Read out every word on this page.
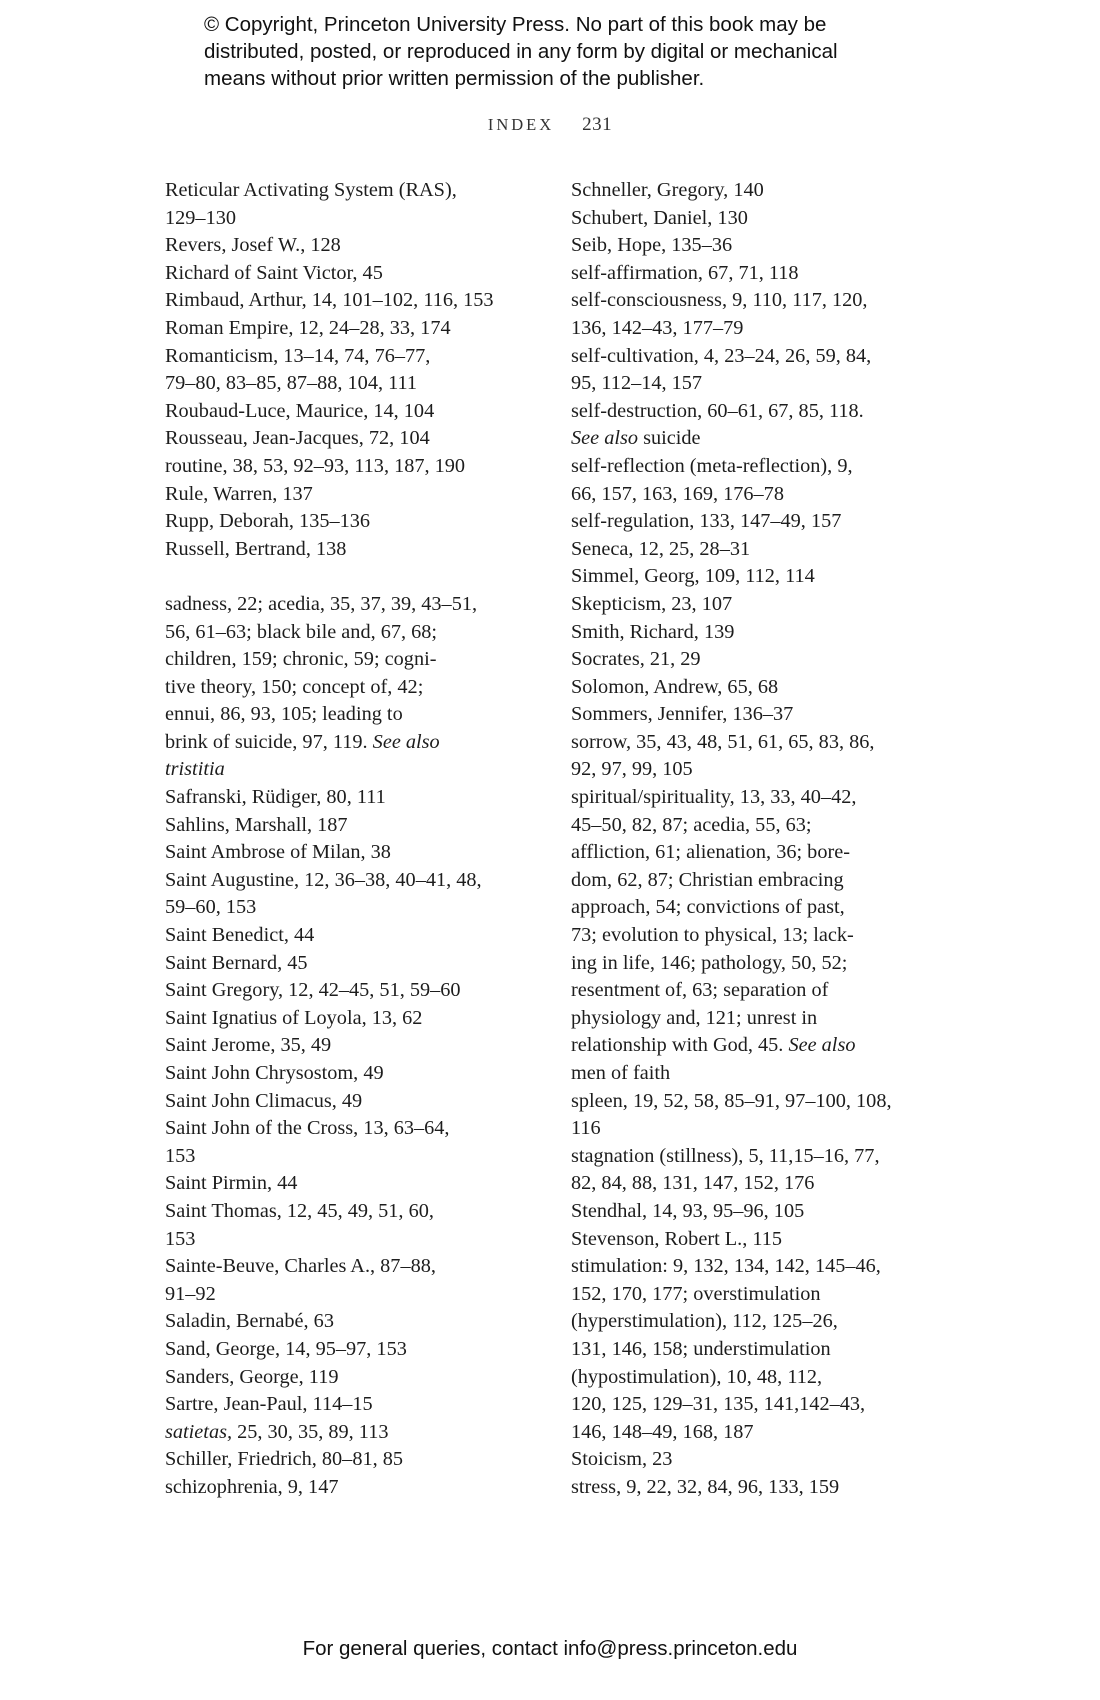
© Copyright, Princeton University Press. No part of this book may be
distributed, posted, or reproduced in any form by digital or mechanical
means without prior written permission of the publisher.
INDEX 231
Reticular Activating System (RAS),
129–130
Revers, Josef W., 128
Richard of Saint Victor, 45
Rimbaud, Arthur, 14, 101–102, 116, 153
Roman Empire, 12, 24–28, 33, 174
Romanticism, 13–14, 74, 76–77,
79–80, 83–85, 87–88, 104, 111
Roubaud-Luce, Maurice, 14, 104
Rousseau, Jean-Jacques, 72, 104
routine, 38, 53, 92–93, 113, 187, 190
Rule, Warren, 137
Rupp, Deborah, 135–136
Russell, Bertrand, 138
sadness, 22; acedia, 35, 37, 39, 43–51,
56, 61–63; black bile and, 67, 68;
children, 159; chronic, 59; cogni-
tive theory, 150; concept of, 42;
ennui, 86, 93, 105; leading to
brink of suicide, 97, 119. See also
tristitia
Safranski, Rüdiger, 80, 111
Sahlins, Marshall, 187
Saint Ambrose of Milan, 38
Saint Augustine, 12, 36–38, 40–41, 48,
59–60, 153
Saint Benedict, 44
Saint Bernard, 45
Saint Gregory, 12, 42–45, 51, 59–60
Saint Ignatius of Loyola, 13, 62
Saint Jerome, 35, 49
Saint John Chrysostom, 49
Saint John Climacus, 49
Saint John of the Cross, 13, 63–64,
153
Saint Pirmin, 44
Saint Thomas, 12, 45, 49, 51, 60,
153
Sainte-Beuve, Charles A., 87–88,
91–92
Saladin, Bernabé, 63
Sand, George, 14, 95–97, 153
Sanders, George, 119
Sartre, Jean-Paul, 114–15
satietas, 25, 30, 35, 89, 113
Schiller, Friedrich, 80–81, 85
schizophrenia, 9, 147
Schneller, Gregory, 140
Schubert, Daniel, 130
Seib, Hope, 135–36
self-affirmation, 67, 71, 118
self-consciousness, 9, 110, 117, 120,
136, 142–43, 177–79
self-cultivation, 4, 23–24, 26, 59, 84,
95, 112–14, 157
self-destruction, 60–61, 67, 85, 118.
See also suicide
self-reflection (meta-reflection), 9,
66, 157, 163, 169, 176–78
self-regulation, 133, 147–49, 157
Seneca, 12, 25, 28–31
Simmel, Georg, 109, 112, 114
Skepticism, 23, 107
Smith, Richard, 139
Socrates, 21, 29
Solomon, Andrew, 65, 68
Sommers, Jennifer, 136–37
sorrow, 35, 43, 48, 51, 61, 65, 83, 86,
92, 97, 99, 105
spiritual/spirituality, 13, 33, 40–42,
45–50, 82, 87; acedia, 55, 63;
affliction, 61; alienation, 36; bore-
dom, 62, 87; Christian embracing
approach, 54; convictions of past,
73; evolution to physical, 13; lack-
ing in life, 146; pathology, 50, 52;
resentment of, 63; separation of
physiology and, 121; unrest in
relationship with God, 45. See also
men of faith
spleen, 19, 52, 58, 85–91, 97–100, 108,
116
stagnation (stillness), 5, 11,15–16, 77,
82, 84, 88, 131, 147, 152, 176
Stendhal, 14, 93, 95–96, 105
Stevenson, Robert L., 115
stimulation: 9, 132, 134, 142, 145–46,
152, 170, 177; overstimulation
(hyperstimulation), 112, 125–26,
131, 146, 158; understimulation
(hypostimulation), 10, 48, 112,
120, 125, 129–31, 135, 141,142–43,
146, 148–49, 168, 187
Stoicism, 23
stress, 9, 22, 32, 84, 96, 133, 159
For general queries, contact info@press.princeton.edu
